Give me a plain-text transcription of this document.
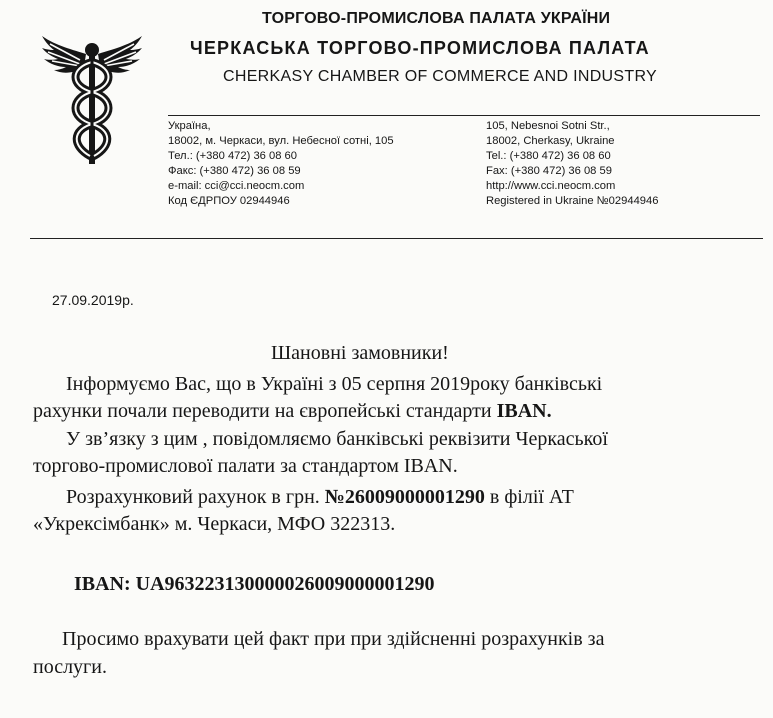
ТОРГОВО-ПРОМИСЛОВА ПАЛАТА УКРАЇНИ
ЧЕРКАСЬКА ТОРГОВО-ПРОМИСЛОВА ПАЛАТА
CHERKASY CHAMBER OF COMMERCE AND INDUSTRY
Україна,
18002, м. Черкаси, вул. Небесної сотні, 105
Тел.: (+380 472) 36 08 60
Факс: (+380 472) 36 08 59
e-mail: cci@cci.neocm.com
Код ЄДРПОУ 02944946
105, Nebesnoi Sotni Str.,
18002, Cherkasy, Ukraine
Tel.: (+380 472) 36 08 60
Fax: (+380 472) 36 08 59
http://www.cci.neocm.com
Registered in Ukraine №02944946
27.09.2019р.
Шановні замовники!
Інформуємо Вас, що в Україні з 05 серпня 2019року банківські
рахунки почали переводити на європейські стандарти IBAN.
У зв’язку з цим , повідомляємо банківські реквізити Черкаської
торгово-промислової палати за стандартом IBAN.
Розрахунковий рахунок в грн. №26009000001290 в філії АТ
«Укрексімбанк» м. Черкаси, МФО 322313.
IBAN: UA963223130000026009000001290
Просимо врахувати цей факт при при здійсненні розрахунків за
послуги.
